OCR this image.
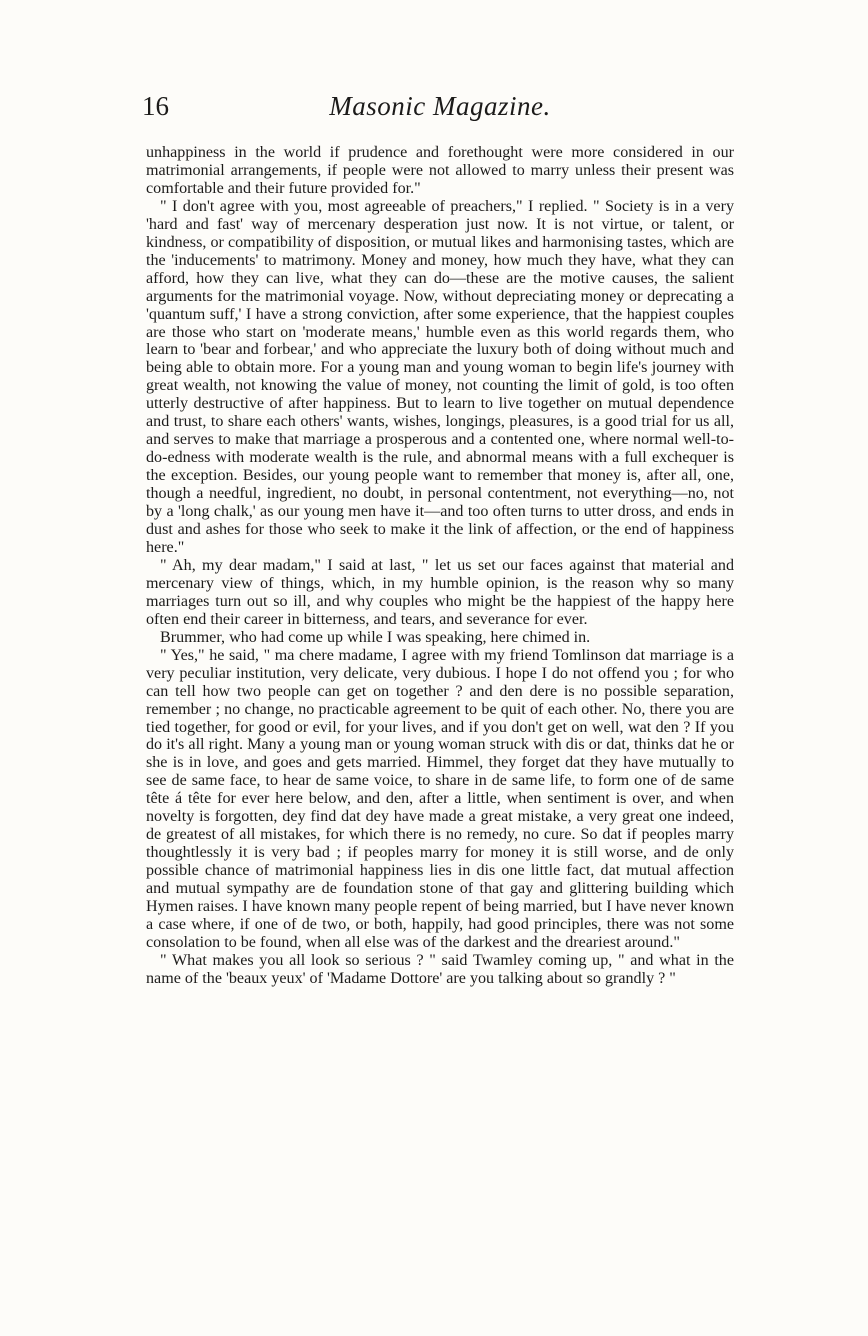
Masonic Magazine.
16

unhappiness in the world if prudence and forethought were more considered in our matrimonial arrangements, if people were not allowed to marry unless their present was comfortable and their future provided for."

" I don't agree with you, most agreeable of preachers," I replied. " Society is in a very 'hard and fast' way of mercenary desperation just now. It is not virtue, or talent, or kindness, or compatibility of disposition, or mutual likes and harmonising tastes, which are the 'inducements' to matrimony. Money and money, how much they have, what they can afford, how they can live, what they can do—these are the motive causes, the salient arguments for the matrimonial voyage. Now, without depreciating money or deprecating a 'quantum suff,' I have a strong conviction, after some experience, that the happiest couples are those who start on 'moderate means,' humble even as this world regards them, who learn to 'bear and forbear,' and who appreciate the luxury both of doing without much and being able to obtain more. For a young man and young woman to begin life's journey with great wealth, not knowing the value of money, not counting the limit of gold, is too often utterly destructive of after happiness. But to learn to live together on mutual dependence and trust, to share each others' wants, wishes, longings, pleasures, is a good trial for us all, and serves to make that marriage a prosperous and a contented one, where normal well-to-do-edness with moderate wealth is the rule, and abnormal means with a full exchequer is the exception. Besides, our young people want to remember that money is, after all, one, though a needful, ingredient, no doubt, in personal contentment, not everything—no, not by a 'long chalk,' as our young men have it—and too often turns to utter dross, and ends in dust and ashes for those who seek to make it the link of affection, or the end of happiness here."

" Ah, my dear madam," I said at last, " let us set our faces against that material and mercenary view of things, which, in my humble opinion, is the reason why so many marriages turn out so ill, and why couples who might be the happiest of the happy here often end their career in bitterness, and tears, and severance for ever.

Brummer, who had come up while I was speaking, here chimed in.

" Yes," he said, " ma chere madame, I agree with my friend Tomlinson dat marriage is a very peculiar institution, very delicate, very dubious. I hope I do not offend you ; for who can tell how two people can get on together ? and den dere is no possible separation, remember ; no change, no practicable agreement to be quit of each other. No, there you are tied together, for good or evil, for your lives, and if you don't get on well, wat den ? If you do it's all right. Many a young man or young woman struck with dis or dat, thinks dat he or she is in love, and goes and gets married. Himmel, they forget dat they have mutually to see de same face, to hear de same voice, to share in de same life, to form one of de same tête á tête for ever here below, and den, after a little, when sentiment is over, and when novelty is forgotten, dey find dat dey have made a great mistake, a very great one indeed, de greatest of all mistakes, for which there is no remedy, no cure. So dat if peoples marry thoughtlessly it is very bad ; if peoples marry for money it is still worse, and de only possible chance of matrimonial happiness lies in dis one little fact, dat mutual affection and mutual sympathy are de foundation stone of that gay and glittering building which Hymen raises. I have known many people repent of being married, but I have never known a case where, if one of de two, or both, happily, had good principles, there was not some consolation to be found, when all else was of the darkest and the dreariest around."

" What makes you all look so serious ? " said Twamley coming up, " and what in the name of the 'beaux yeux' of 'Madame Dottore' are you talking about so grandly ? "
